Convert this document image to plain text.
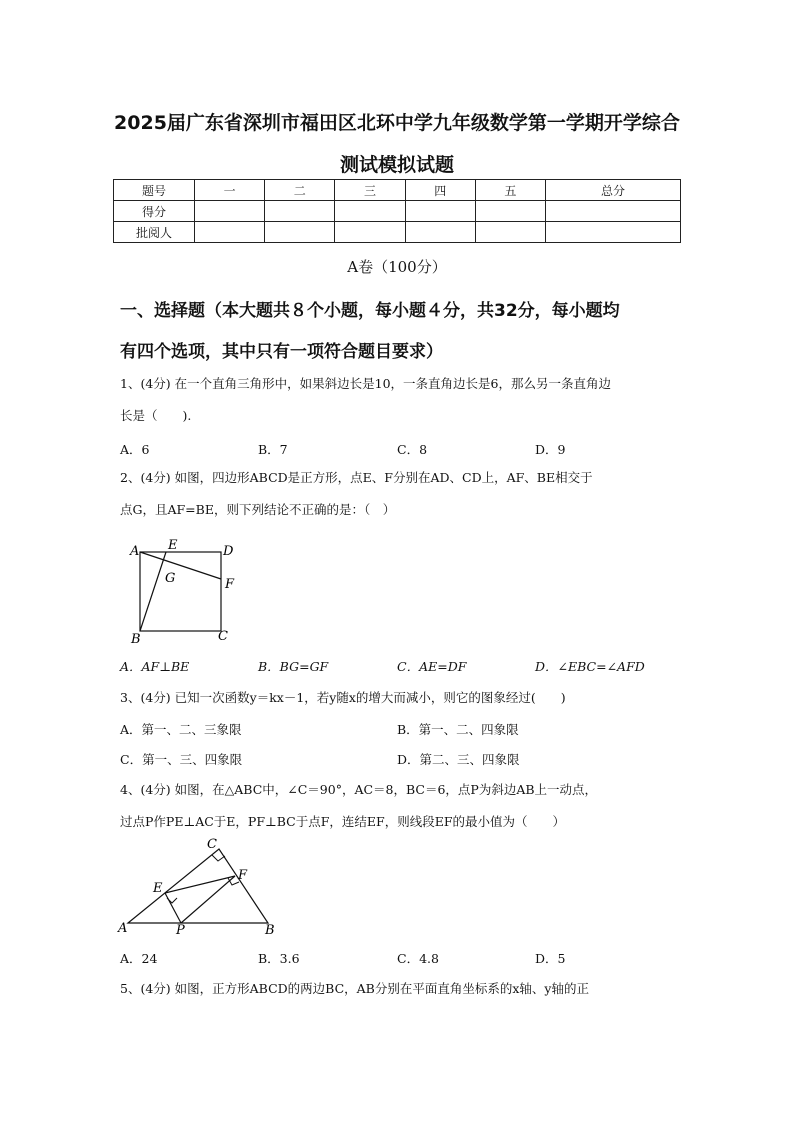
2025届广东省深圳市福田区北环中学九年级数学第一学期开学综合
测试模拟试题
题号	一	二	三	四	五	总分
得分						
批阅人						
A卷（100分）
一、选择题（本大题共８个小题，每小题４分，共32分，每小题均
有四个选项，其中只有一项符合题目要求）
1、(4分) 在一个直角三角形中，如果斜边长是10，一条直角边长是6，那么另一条直角边
长是（　　).
A．6	B．7	C．8	D．9
2、(4分) 如图，四边形ABCD是正方形，点E、F分别在AD、CD上，AF、BE相交于
点G，且AF=BE，则下列结论不正确的是：（　）
A E	D
G	F
B	C
A．AF⊥BE	B．BG=GF	C．AE=DF	D．∠EBC=∠AFD
3、(4分) 已知一次函数y＝kx－1，若y随x的增大而减小，则它的图象经过(　　)
A．第一、二、三象限	B．第一、二、四象限
C．第一、三、四象限	D．第二、三、四象限
4、(4分) 如图，在△ABC中，∠C＝90°，AC＝8，BC＝6，点P为斜边AB上一动点，
过点P作PE⊥AC于E，PF⊥BC于点F，连结EF，则线段EF的最小值为（　　）
C
E
F
A	P	B
A．24	B．3.6	C．4.8	D．5
5、(4分) 如图，正方形ABCD的两边BC，AB分别在平面直角坐标系的x轴、y轴的正
